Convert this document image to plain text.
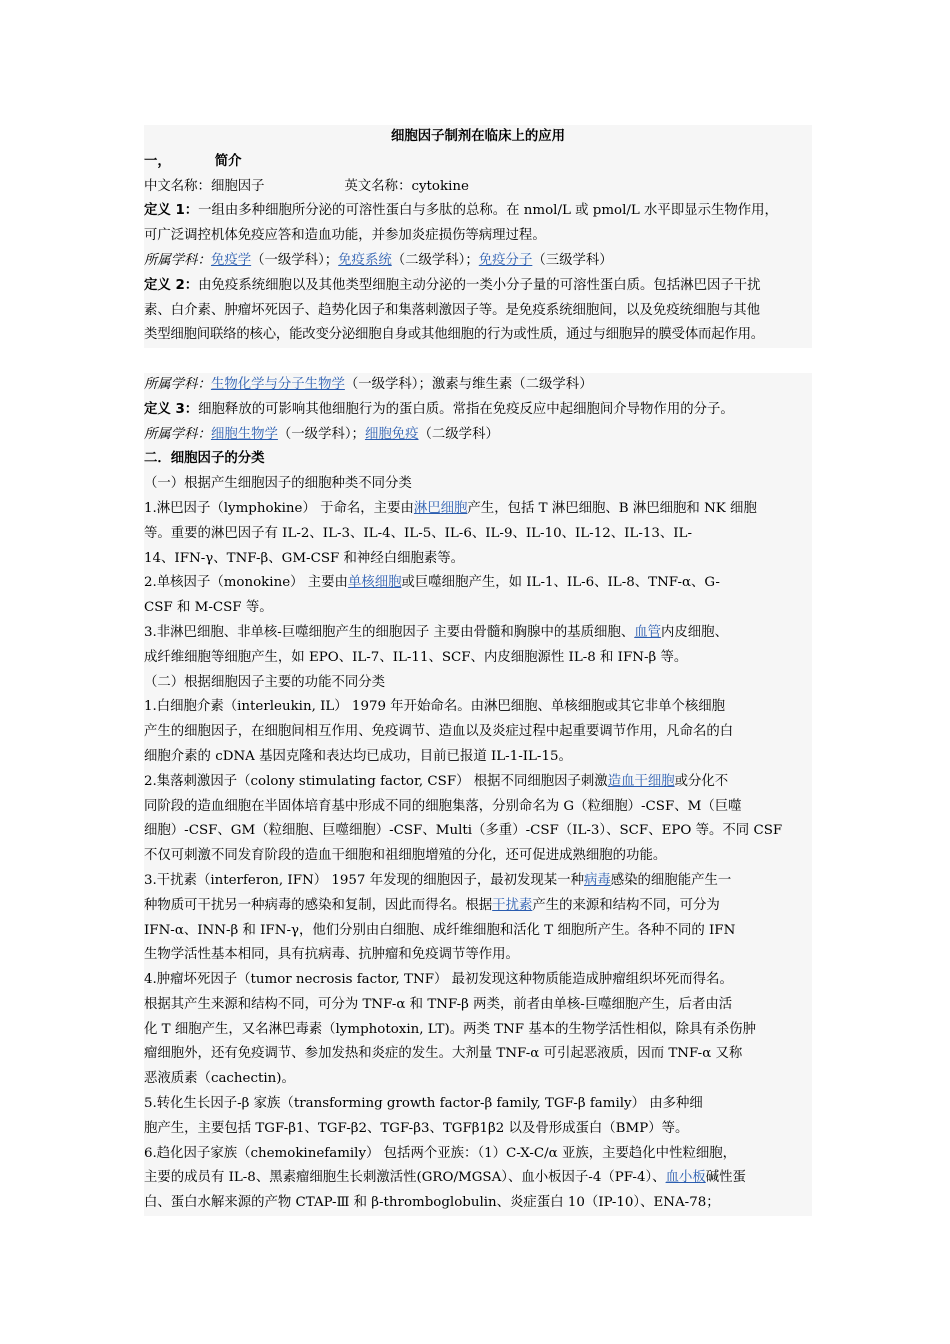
细胞因子制剂在临床上的应用
一，	简介
中文名称：细胞因子	英文名称：cytokine
定义 1：一组由多种细胞所分泌的可溶性蛋白与多肽的总称。在 nmol/L 或 pmol/L 水平即显示生物作用，
可广泛调控机体免疫应答和造血功能，并参加炎症损伤等病理过程。
所属学科：免疫学（一级学科）；免疫系统（二级学科）；免疫分子（三级学科）
定义 2：由免疫系统细胞以及其他类型细胞主动分泌的一类小分子量的可溶性蛋白质。包括淋巴因子干扰
素、白介素、肿瘤坏死因子、趋势化因子和集落刺激因子等。是免疫系统细胞间，以及免疫统细胞与其他
类型细胞间联络的核心，能改变分泌细胞自身或其他细胞的行为或性质，通过与细胞异的膜受体而起作用。
所属学科：生物化学与分子生物学（一级学科）；激素与维生素（二级学科）
定义 3：细胞释放的可影响其他细胞行为的蛋白质。常指在免疫反应中起细胞间介导物作用的分子。
所属学科：细胞生物学（一级学科）；细胞免疫（二级学科）
二．细胞因子的分类
（一）根据产生细胞因子的细胞种类不同分类
1.淋巴因子（lymphokine） 于命名，主要由淋巴细胞产生，包括 T 淋巴细胞、B 淋巴细胞和 NK 细胞
等。重要的淋巴因子有 IL-2、IL-3、IL-4、IL-5、IL-6、IL-9、IL-10、IL-12、IL-13、IL-
14、IFN-γ、TNF-β、GM-CSF 和神经白细胞素等。
2.单核因子（monokine） 主要由单核细胞或巨噬细胞产生，如 IL-1、IL-6、IL-8、TNF-α、G-
CSF 和 M-CSF 等。
3.非淋巴细胞、非单核-巨噬细胞产生的细胞因子 主要由骨髓和胸腺中的基质细胞、血管内皮细胞、
成纤维细胞等细胞产生，如 EPO、IL-7、IL-11、SCF、内皮细胞源性 IL-8 和 IFN-β 等。
（二）根据细胞因子主要的功能不同分类
1.白细胞介素（interleukin, IL） 1979 年开始命名。由淋巴细胞、单核细胞或其它非单个核细胞
产生的细胞因子，在细胞间相互作用、免疫调节、造血以及炎症过程中起重要调节作用，凡命名的白
细胞介素的 cDNA 基因克隆和表达均已成功，目前已报道 IL-1-IL-15。
2.集落刺激因子（colony stimulating factor, CSF） 根据不同细胞因子刺激造血干细胞或分化不
同阶段的造血细胞在半固体培育基中形成不同的细胞集落，分别命名为 G（粒细胞）-CSF、M（巨噬
细胞）-CSF、GM（粒细胞、巨噬细胞）-CSF、Multi（多重）-CSF（IL-3）、SCF、EPO 等。不同 CSF
不仅可刺激不同发育阶段的造血干细胞和祖细胞增殖的分化，还可促进成熟细胞的功能。
3.干扰素（interferon, IFN） 1957 年发现的细胞因子，最初发现某一种病毒感染的细胞能产生一
种物质可干扰另一种病毒的感染和复制，因此而得名。根据干扰素产生的来源和结构不同，可分为
IFN-α、INN-β 和 IFN-γ，他们分别由白细胞、成纤维细胞和活化 T 细胞所产生。各种不同的 IFN
生物学活性基本相同，具有抗病毒、抗肿瘤和免疫调节等作用。
4.肿瘤坏死因子（tumor necrosis factor, TNF） 最初发现这种物质能造成肿瘤组织坏死而得名。
根据其产生来源和结构不同，可分为 TNF-α 和 TNF-β 两类，前者由单核-巨噬细胞产生，后者由活
化 T 细胞产生，又名淋巴毒素（lymphotoxin, LT)。两类 TNF 基本的生物学活性相似，除具有杀伤肿
瘤细胞外，还有免疫调节、参加发热和炎症的发生。大剂量 TNF-α 可引起恶液质，因而 TNF-α 又称
恶液质素（cachectin)。
5.转化生长因子-β 家族（transforming growth factor-β family, TGF-β family） 由多种细
胞产生，主要包括 TGF-β1、TGF-β2、TGF-β3、TGFβ1β2 以及骨形成蛋白（BMP）等。
6.趋化因子家族（chemokinefamily） 包括两个亚族：（1）C-X-C/α 亚族，主要趋化中性粒细胞，
主要的成员有 IL-8、黑素瘤细胞生长刺激活性(GRO/MGSA）、血小板因子-4（PF-4）、血小板碱性蛋
白、蛋白水解来源的产物 CTAP-Ⅲ 和 β-thromboglobulin、炎症蛋白 10（IP-10）、ENA-78；
